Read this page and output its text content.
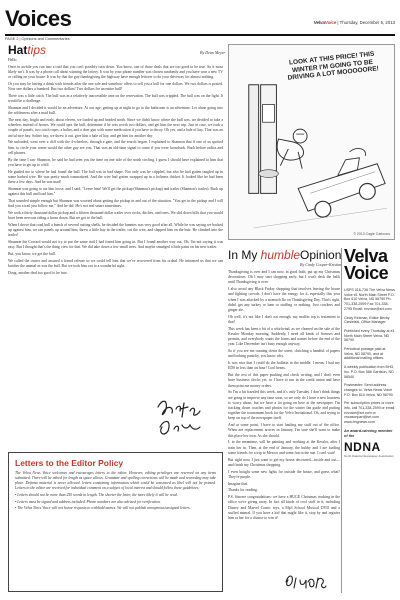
Voices	VelvaVoice | Thursday, December 5, 2013
PAGE 2 | Opinions and Commentaries
Hattips	By Dean Meyer

Hello.

Once in awhile you run into a trail that you can't possibly turn down. You know, one of those deals that are too good to be true. So it most likely isn't. It was by a phone call about winning the lottery. It was by your phone number was chosen randomly and you have won a new TV or calling on your house. It was by that the guy thanksgiving the highway have enough lettover to do your driveway for almost nothing.

Or you may be having a drink with friends after the one sale and somehow offers to sell you a bull for one dollars. We two dollars is posted. Now one dollars a hundred. But two dollars! Two dollars for an entire bull!

There was a little catch. The bull was in a relatively inaccessible area on the reservation. The bull was crippled. The bull was on the fight. It would be a challenge.

Shannon and I decided it would be an adventure. At our age, getting up at night to go to the bathroom is an adventure. Let alone going into the wilderness after a mad bull.

The next day, bright and early, about eleven, we loaded up and headed north. Since we didn't know where the bull was, we decided to take a wheelers instead of horses. We could spot the bull, determine if he was worth two dollars, and get him the next trip. Just in case, we took a couple of panels, two catch ropes, a halter, and a doer gun with some medication if you have to decoy. Oh yes, and a bale of hay. That was an awful nice hay. Saltier hay, we threw it out, give him a bale of hay, and get him for another day.

We unloaded, went over a cliff with the 4-wheelers, through a gate, and the search began. I explained to Shannon that if one of us spotted him, to circle your warm would the other guy see you. That was an old-time signal to come if you were horseback. Back before radios and cell phones.

By the time I saw Shannon, he said he had seen you the time on one side of the north circling. I guess I should have explained to him that you have to get up to a hill.

He guided me to where he had found the bull. The bull was in bad shape. Not only was he crippled, but also he had gotten tangled up in some barbed wire. He was pretty much traumatized. And the wire had gotten wrapped up in a holiness thicket. It looked like he had been there a few days. And he was mad!

Shannon was going to cut him loose, and I said, "Leave him! We'll get the pickup (Shannon's pickup) and trailer (Shannon's trailer). Back up against this bull and load him."

That sounded simple enough but Shannon was worried about getting the pickup in and out of the situation. "You get in the pickup and I will find you a trail just follow me." And he did. He's not real smart sometimes.

We took a thirty thousand dollar pickup and a fifteen thousand dollar trailer over rocks, ditches, and trees. We slid down hills that you would have been nervous riding a horse down. But we got to the bull.

When I drove that road bull a bunch of several cutting shells, he decided the bunnies was very good after all. While he was saying we backed up against him, we ran panels up around him, threw a little hay in the trailer, cut the wire, and slapped him on the butt. He climbed into the trailer!

Shannon the Coward would not try to put the same trail I had found him going in. But I found another way out. Oh, I'm not saying it was easy. But I thought that's the thing view for that. We did take down a few small trees. And maybe smudged a little paint on his new trailer.

But, you know, we got the bull.

We called the owner and assured a friend release so we could tell him that we've recovered from his ordeal. He informed us that we can butcher the animal as was the bull. But we took him out to a wonderful sight.

Doug, another deal too good to be true.

Letters to the Editor Policy

The Velva News Voice welcomes and encourages letters to the editor. However, editing privileges are reserved on any items submitted. There will be edited for length as space allows. Grammar and spelling corrections will be made and rewording may take place. Defama material is never allowed. letters containing information which could be construed as libel will not be printed. Letters to the editor are received for individual comment on a subject of local interest and should follow these guidelines:

• Letters should not be more than 250 words in length. The shorter the letter, the more likely it will be read.
• Letters must be signed and address included. Phone numbers are also advised for verification.
• The Velva News Voice will not honor requests to withhold names. We will not publish anonymous/unsigned letters.
LOOK AT THIS PRICE! THIS WINTER I'M GOING TO BE DRIVING A LOT MOOOOORE!
© 2013 Cagle Cartoons
In My humbleOpinion
By Cindy Cooper-Kristian

Thanksgiving is over and I can now, in good faith, put up my Christmas decorations. Oh I may start shopping early, but I won't deck the halls until Thanksgiving is over.

I also avoid any Black Friday shopping that involves leaving the house and fighting crowds. I don't have the energy for it, especially this year when I was attacked by a stomach flu on Thanksgiving Day. That's right, didn't get any turkey or ham or stuffing or nothing. Just crackers and ginger ale.

Oh well, it's not like I don't eat enough, my muffin top is testament to that!

This week has been a bit of a whirlwind, as we cleaned on the sale of the Kessler Monday morning. Suddenly, I need all kinds of licenses and permits, and everybody wants the forms and names before the end of the year. Like December isn't busy enough anyway.

So if you see me running down the street, clutching a handful of papers and looking panicky, you know why.

It was nice that I could do the bulletin in the middle. I mean, I had my EDS in less than an hour! Cool beans.

But the rest of this paper pushing and check writing, and I don't even have business clocks yet, so I have to run in the credit union and have them print me money orders.

So I'm a bit frazzled this week, and it's only Tuesday. I don't think things are going to improve any time soon, so we only do I have a new business to worry about, but we have a lot going on here at the newspaper. I'm tracking down coaches and photos for the winter fan guide and putting together the tournament book for the Velva Invitational. Oh, and trying to keep on top of the newspaper itself.

And at some point, I have to start hauling my stuff out of the office. When are replacement arrives in January, I'm sure she'll want to make this place her own. As she should.

I, in the meantime, will be painting and working at the Kessler, after I train her in. Then, at the end of January, the hubby and I are loading some friends for a trip to Mexico and some fun in the sun. I can't wait!

But right now, I just want to get my house decorated—inside and out—and finish my Christmas shopping.

I even bought some new lights for outside the house, and guess what? They're purple.

Imagine that.

Thanks for reading.

P.S. Sincere congratulations: we have a HUGE Christmas tracking in the office we're giving away. In fact all kinds of cool stuff in it, including Disney and Marvel Comic toys, a Mp3 School Musical DVD and a stuffed animal. If you have a kid that might like it, stop by and register him or her for a chance to win it!

Velva
Voice

USPS 016-736 The Velva News Voice #1 North Main Street P.O. Box 610 Velva, ND 58790 Ph. 701-338-2599 Fax 701-338-2795 Email: nvvoice@srt.com

Cindy Kirkman, Editor Becky Ciesielski, Office Manager

Published every Thursday at #1 North Main Street Velva, ND 58790

Periodical postage paid at Velva, ND 58790, and at additional mailing offices.

A weekly publication from BHG, Inc. P.O. Box 586 Garrison, ND 58540

Postmaster: Send address changes to: Velva News Voice P.O. Box 610 Velva, ND 58790

Per subscription prices or more info, call 701-338-2599 or email nvvoice@srt.com or vncasonpart@srt.com www.bhgnews.com

An award-winning member of the
NDNA
North Dakota Newspaper Association
